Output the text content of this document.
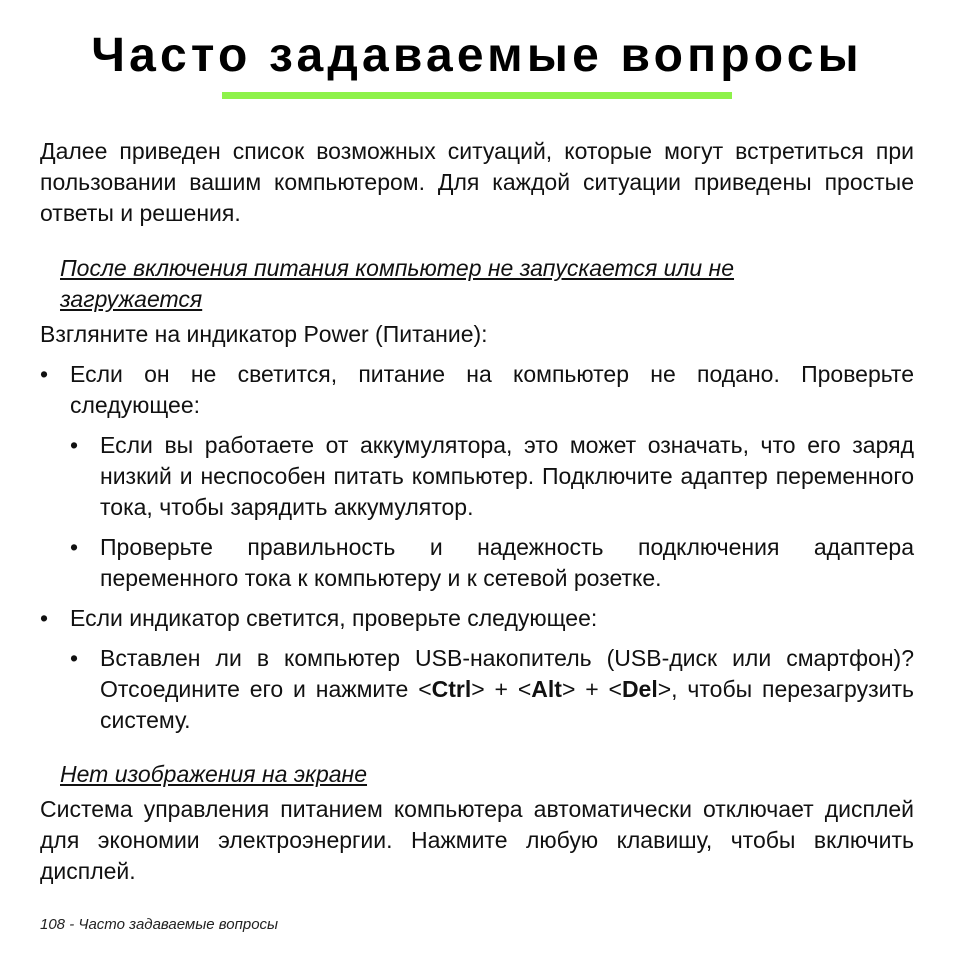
Часто задаваемые вопросы

Далее приведен список возможных ситуаций, которые могут встретиться при пользовании вашим компьютером. Для каждой ситуации приведены простые ответы и решения.

После включения питания компьютер не запускается или не загружается

Взгляните на индикатор Power (Питание):

• Если он не светится, питание на компьютер не подано. Проверьте следующее:
• Если вы работаете от аккумулятора, это может означать, что его заряд низкий и неспособен питать компьютер. Подключите адаптер переменного тока, чтобы зарядить аккумулятор.
• Проверьте правильность и надежность подключения адаптера переменного тока к компьютеру и к сетевой розетке.
• Если индикатор светится, проверьте следующее:
• Вставлен ли в компьютер USB-накопитель (USB-диск или смартфон)? Отсоедините его и нажмите <Ctrl> + <Alt> + <Del>, чтобы перезагрузить систему.
Нет изображения на экране

Система управления питанием компьютера автоматически отключает дисплей для экономии электроэнергии. Нажмите любую клавишу, чтобы включить дисплей.

108 - Часто задаваемые вопросы
